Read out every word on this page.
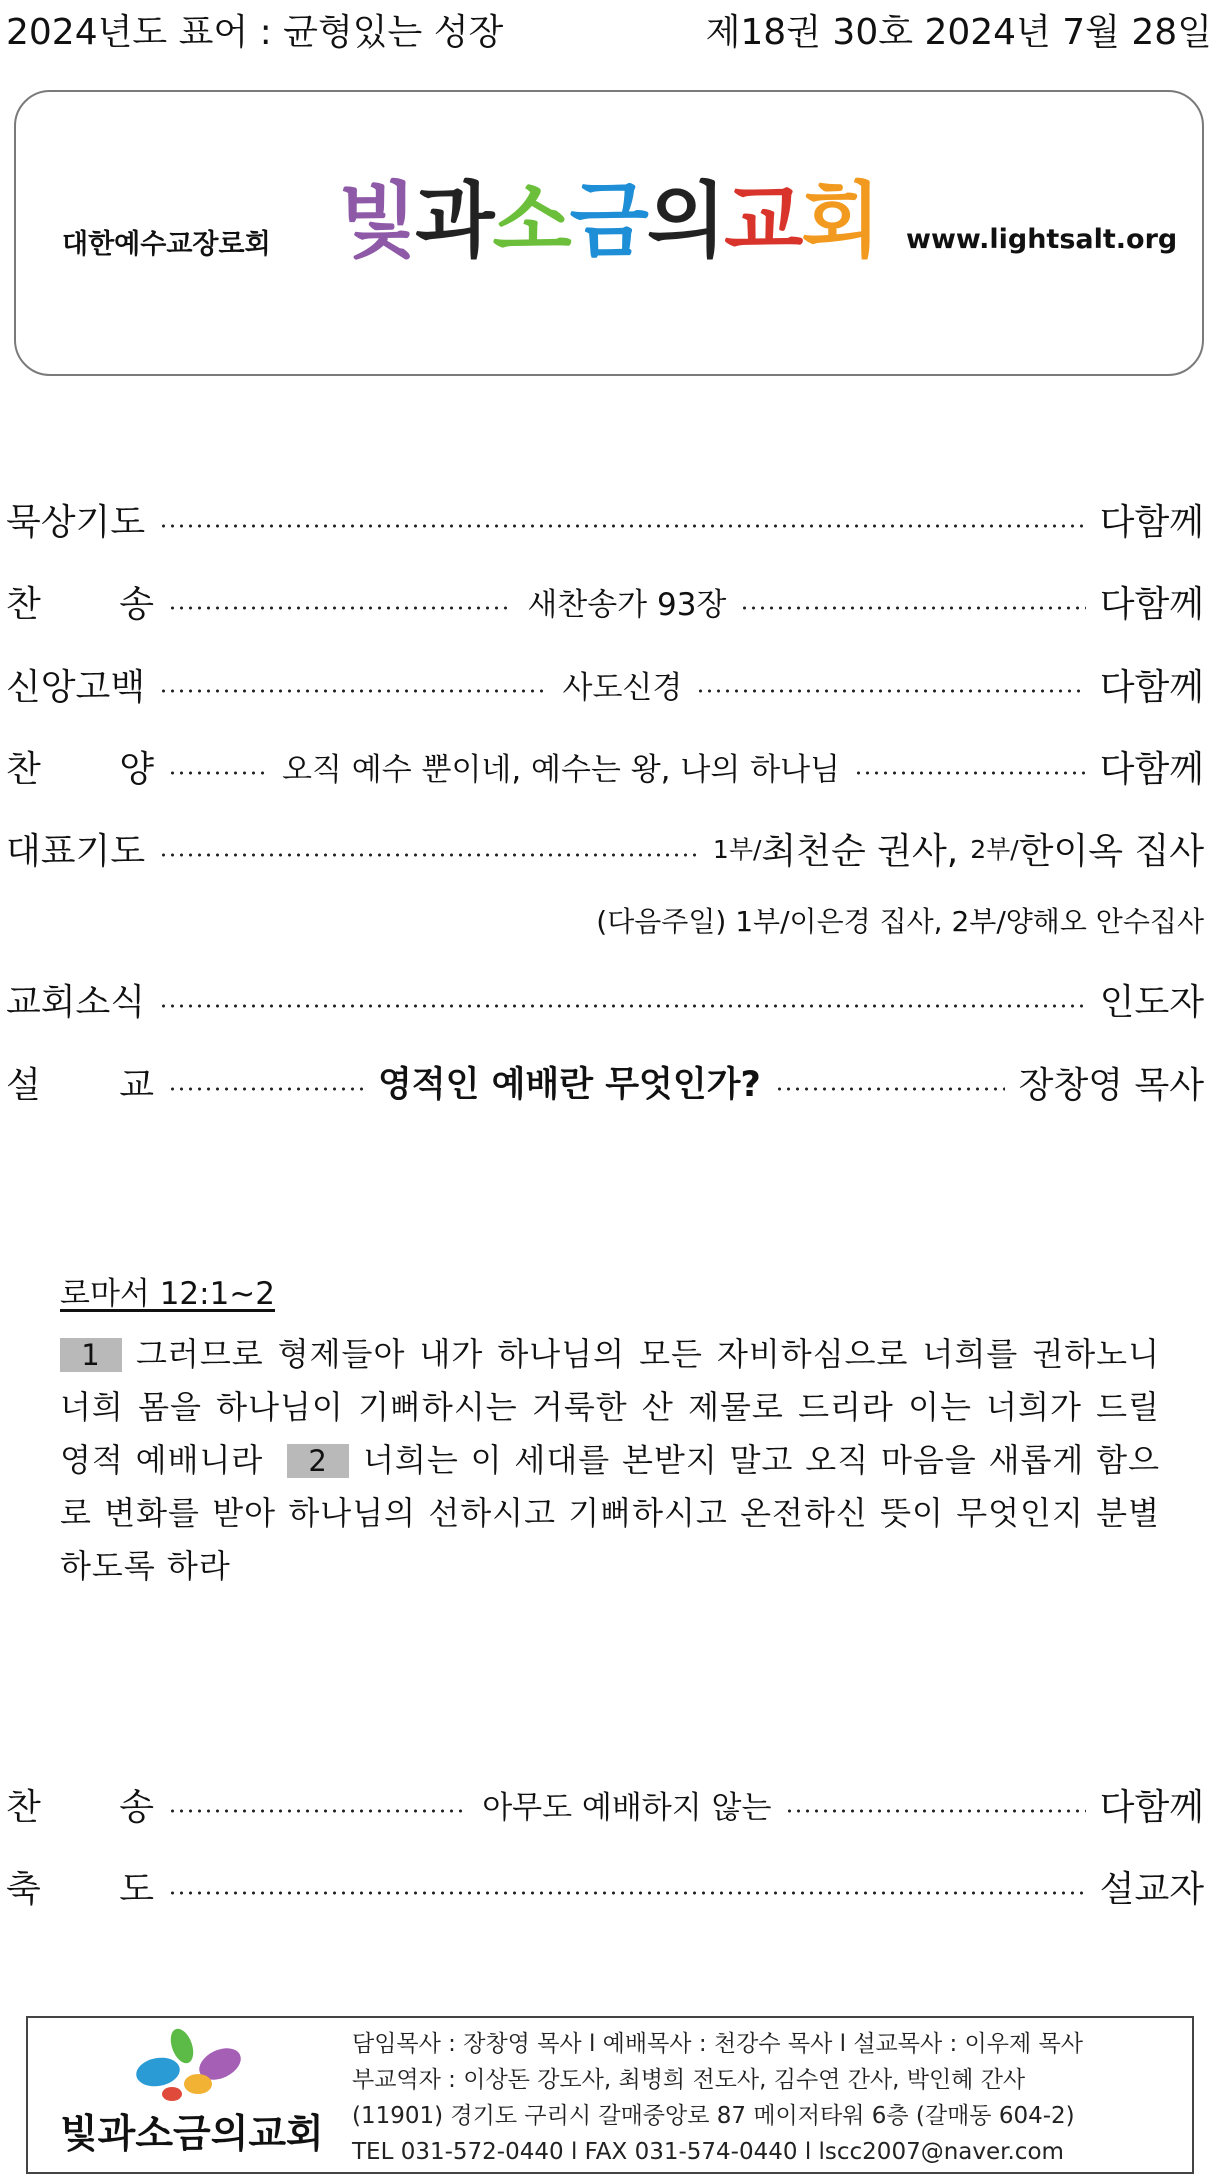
2024년도 표어 : 균형있는 성장	제18권 30호 2024년 7월 28일
대한예수교장로회 빛과소금의교회 www.lightsalt.org
묵상기도	다함께
찬 송	새찬송가 93장	다함께
신앙고백	사도신경	다함께
찬 양	오직 예수 뿐이네, 예수는 왕, 나의 하나님	다함께
대표기도	1부/ 최천순 권사, 2부/ 한이옥 집사
(다음주일) 1부/이은경 집사, 2부/양해오 안수집사
교회소식	인도자
설 교	영적인 예배란 무엇인가?	장창영 목사
로마서 12:1~2
1 그러므로 형제들아 내가 하나님의 모든 자비하심으로 너희를 권하노니 너희 몸을 하나님이 기뻐하시는 거룩한 산 제물로 드리라 이는 너희가 드릴 영적 예배니라 2 너희는 이 세대를 본받지 말고 오직 마음을 새롭게 함으로 변화를 받아 하나님의 선하시고 기뻐하시고 온전하신 뜻이 무엇인지 분별하도록 하라
찬 송	아무도 예배하지 않는	다함께
축 도	설교자
빛과소금의교회
담임목사 : 장창영 목사 l 예배목사 : 천강수 목사 l 설교목사 : 이우제 목사
부교역자 : 이상돈 강도사, 최병희 전도사, 김수연 간사, 박인혜 간사
(11901) 경기도 구리시 갈매중앙로 87 메이저타워 6층 (갈매동 604-2)
TEL 031-572-0440 l FAX 031-574-0440 l lscc2007@naver.com
